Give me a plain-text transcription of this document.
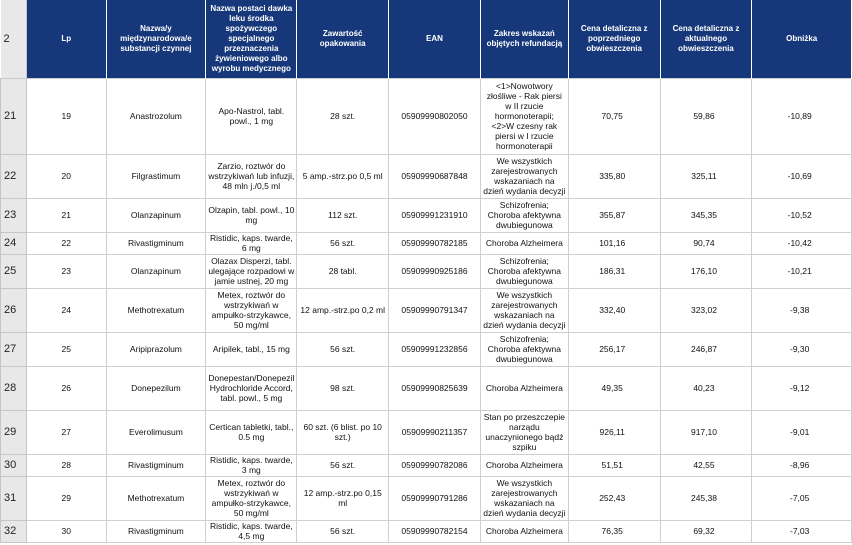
2	Lp	Nazwa/y międzynarodowa/e substancji czynnej	Nazwa postaci dawka leku środka spożywczego specjalnego przeznaczenia żywieniowego albo wyrobu medycznego	Zawartość opakowania	EAN	Zakres wskazań objętych refundacją	Cena detaliczna z poprzedniego obwieszczenia	Cena detaliczna z aktualnego obwieszczenia	Obniżka
21	19	Anastrozolum	Apo-Nastrol, tabl. powl., 1 mg	28 szt.	05909990802050	<1>Nowotwory złośliwe - Rak piersi w II rzucie hormonoterapii; <2>W czesny rak piersi w I rzucie hormonoterapii	70,75	59,86	-10,89
22	20	Filgrastimum	Zarzio, roztwór do wstrzykiwań lub infuzji, 48 mln j./0,5 ml	5 amp.-strz.po 0,5 ml	05909990687848	We wszystkich zarejestrowanych wskazaniach na dzień wydania decyzji	335,80	325,11	-10,69
23	21	Olanzapinum	Olzapin, tabl. powl., 10 mg	112 szt.	05909991231910	Schizofrenia; Choroba afektywna dwubiegunowa	355,87	345,35	-10,52
24	22	Rivastigminum	Ristidic, kaps. twarde, 6 mg	56 szt.	05909990782185	Choroba Alzheimera	101,16	90,74	-10,42
25	23	Olanzapinum	Olazax Disperzi, tabl. ulegające rozpadowi w jamie ustnej, 20 mg	28 tabl.	05909990925186	Schizofrenia; Choroba afektywna dwubiegunowa	186,31	176,10	-10,21
26	24	Methotrexatum	Metex, roztwór do wstrzykiwań w ampułko-strzykawce, 50 mg/ml	12 amp.-strz.po 0,2 ml	05909990791347	We wszystkich zarejestrowanych wskazaniach na dzień wydania decyzji	332,40	323,02	-9,38
27	25	Aripiprazolum	Aripilek, tabl., 15 mg	56 szt.	05909991232856	Schizofrenia; Choroba afektywna dwubiegunowa	256,17	246,87	-9,30
28	26	Donepezilum	Donepestan/Donepezil Hydrochloride Accord, tabl. powl., 5 mg	98 szt.	05909990825639	Choroba Alzheimera	49,35	40,23	-9,12
29	27	Everolimusum	Certican tabletki, tabl., 0.5 mg	60 szt. (6 blist. po 10 szt.)	05909990211357	Stan po przeszczepie narządu unaczynionego bądź szpiku	926,11	917,10	-9,01
30	28	Rivastigminum	Ristidic, kaps. twarde, 3 mg	56 szt.	05909990782086	Choroba Alzheimera	51,51	42,55	-8,96
31	29	Methotrexatum	Metex, roztwór do wstrzykiwań w ampułko-strzykawce, 50 mg/ml	12 amp.-strz.po 0,15 ml	05909990791286	We wszystkich zarejestrowanych wskazaniach na dzień wydania decyzji	252,43	245,38	-7,05
32	30	Rivastigminum	Ristidic, kaps. twarde, 4,5 mg	56 szt.	05909990782154	Choroba Alzheimera	76,35	69,32	-7,03
